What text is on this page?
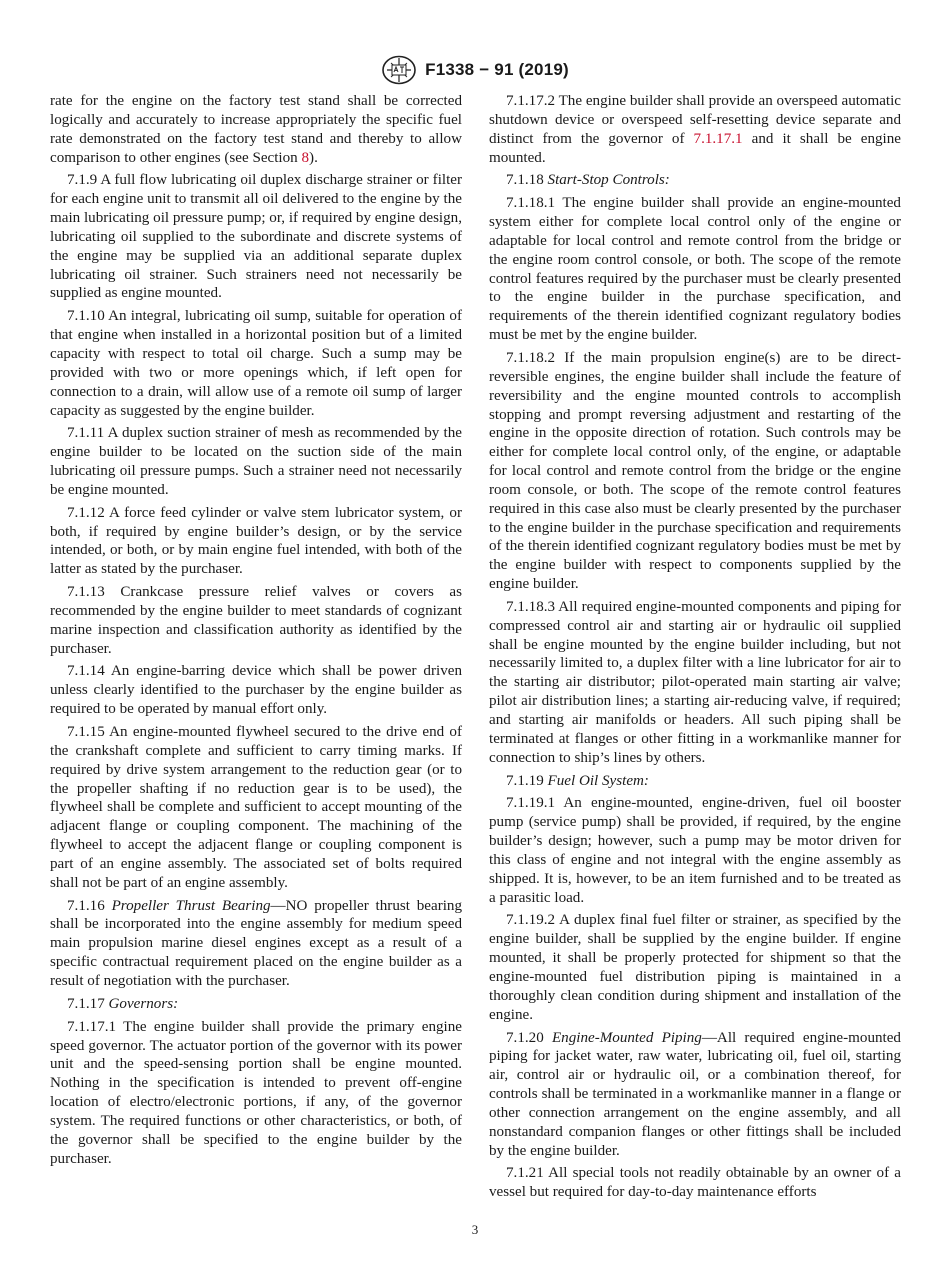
F1338 − 91 (2019)

rate for the engine on the factory test stand shall be corrected logically and accurately to increase appropriately the specific fuel rate demonstrated on the factory test stand and thereby to allow comparison to other engines (see Section 8).

7.1.9 A full flow lubricating oil duplex discharge strainer or filter for each engine unit to transmit all oil delivered to the engine by the main lubricating oil pressure pump; or, if required by engine design, lubricating oil supplied to the subordinate and discrete systems of the engine may be supplied via an additional separate duplex lubricating oil strainer. Such strainers need not necessarily be supplied as engine mounted.

7.1.10 An integral, lubricating oil sump, suitable for operation of that engine when installed in a horizontal position but of a limited capacity with respect to total oil charge. Such a sump may be provided with two or more openings which, if left open for connection to a drain, will allow use of a remote oil sump of larger capacity as suggested by the engine builder.

7.1.11 A duplex suction strainer of mesh as recommended by the engine builder to be located on the suction side of the main lubricating oil pressure pumps. Such a strainer need not necessarily be engine mounted.

7.1.12 A force feed cylinder or valve stem lubricator system, or both, if required by engine builder’s design, or by the service intended, or both, or by main engine fuel intended, with both of the latter as stated by the purchaser.

7.1.13 Crankcase pressure relief valves or covers as recommended by the engine builder to meet standards of cognizant marine inspection and classification authority as identified by the purchaser.

7.1.14 An engine-barring device which shall be power driven unless clearly identified to the purchaser by the engine builder as required to be operated by manual effort only.

7.1.15 An engine-mounted flywheel secured to the drive end of the crankshaft complete and sufficient to carry timing marks. If required by drive system arrangement to the reduction gear (or to the propeller shafting if no reduction gear is to be used), the flywheel shall be complete and sufficient to accept mounting of the adjacent flange or coupling component. The machining of the flywheel to accept the adjacent flange or coupling component is part of an engine assembly. The associated set of bolts required shall not be part of an engine assembly.

7.1.16 Propeller Thrust Bearing—NO propeller thrust bearing shall be incorporated into the engine assembly for medium speed main propulsion marine diesel engines except as a result of a specific contractual requirement placed on the engine builder as a result of negotiation with the purchaser.

7.1.17 Governors:

7.1.17.1 The engine builder shall provide the primary engine speed governor. The actuator portion of the governor with its power unit and the speed-sensing portion shall be engine mounted. Nothing in the specification is intended to prevent off-engine location of electro/electronic portions, if any, of the governor system. The required functions or other characteristics, or both, of the governor shall be specified to the engine builder by the purchaser.

7.1.17.2 The engine builder shall provide an overspeed automatic shutdown device or overspeed self-resetting device separate and distinct from the governor of 7.1.17.1 and it shall be engine mounted.

7.1.18 Start-Stop Controls:

7.1.18.1 The engine builder shall provide an engine-mounted system either for complete local control only of the engine or adaptable for local control and remote control from the bridge or the engine room control console, or both. The scope of the remote control features required by the purchaser must be clearly presented to the engine builder in the purchase specification, and requirements of the therein identified cognizant regulatory bodies must be met by the engine builder.

7.1.18.2 If the main propulsion engine(s) are to be direct-reversible engines, the engine builder shall include the feature of reversibility and the engine mounted controls to accomplish stopping and prompt reversing adjustment and restarting of the engine in the opposite direction of rotation. Such controls may be either for complete local control only, of the engine, or adaptable for local control and remote control from the bridge or the engine room console, or both. The scope of the remote control features required in this case also must be clearly presented by the purchaser to the engine builder in the purchase specification and requirements of the therein identified cognizant regulatory bodies must be met by the engine builder with respect to components supplied by the engine builder.

7.1.18.3 All required engine-mounted components and piping for compressed control air and starting air or hydraulic oil supplied shall be engine mounted by the engine builder including, but not necessarily limited to, a duplex filter with a line lubricator for air to the starting air distributor; pilot-operated main starting air valve; pilot air distribution lines; a starting air-reducing valve, if required; and starting air manifolds or headers. All such piping shall be terminated at flanges or other fitting in a workmanlike manner for connection to ship’s lines by others.

7.1.19 Fuel Oil System:

7.1.19.1 An engine-mounted, engine-driven, fuel oil booster pump (service pump) shall be provided, if required, by the engine builder’s design; however, such a pump may be motor driven for this class of engine and not integral with the engine assembly as shipped. It is, however, to be an item furnished and to be treated as a parasitic load.

7.1.19.2 A duplex final fuel filter or strainer, as specified by the engine builder, shall be supplied by the engine builder. If engine mounted, it shall be properly protected for shipment so that the engine-mounted fuel distribution piping is maintained in a thoroughly clean condition during shipment and installation of the engine.

7.1.20 Engine-Mounted Piping—All required engine-mounted piping for jacket water, raw water, lubricating oil, fuel oil, starting air, control air or hydraulic oil, or a combination thereof, for controls shall be terminated in a workmanlike manner in a flange or other connection arrangement on the engine assembly, and all nonstandard companion flanges or other fittings shall be included by the engine builder.

7.1.21 All special tools not readily obtainable by an owner of a vessel but required for day-to-day maintenance efforts

3
